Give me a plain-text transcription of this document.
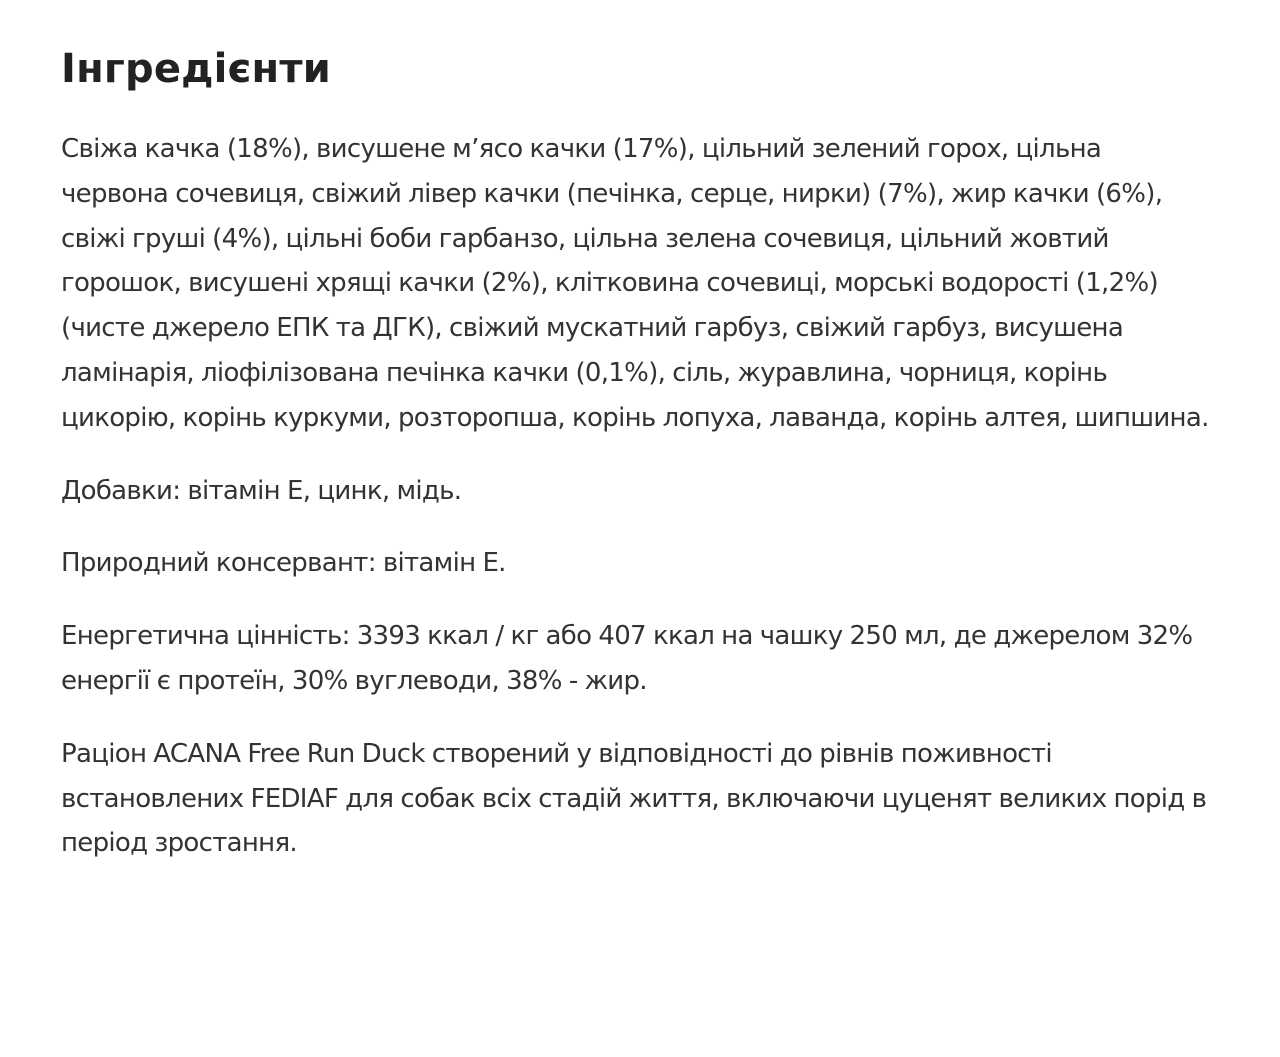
Інгредієнти

Свіжа качка (18%), висушене м’ясо качки (17%), цільний зелений горох, цільна червона сочевиця, свіжий лівер качки (печінка, серце, нирки) (7%), жир качки (6%), свіжі груші (4%), цільні боби гарбанзо, цільна зелена сочевиця, цільний жовтий горошок, висушені хрящі качки (2%), клітковина сочевиці, морські водорості (1,2%) (чисте джерело ЕПК та ДГК), свіжий мускатний гарбуз, свіжий гарбуз, висушена ламінарія, ліофілізована печінка качки (0,1%), сіль, журавлина, чорниця, корінь цикорію, корінь куркуми, розторопша, корінь лопуха, лаванда, корінь алтея, шипшина.

Добавки: вітамін Е, цинк, мідь.

Природний консервант: вітамін Е.

Енергетична цінність: 3393 ккал / кг або 407 ккал на чашку 250 мл, де джерелом 32% енергії є протеїн, 30% вуглеводи, 38% - жир.

Раціон ACANA Free Run Duck створений у відповідності до рівнів поживності встановлених FEDIAF для собак всіх стадій життя, включаючи цуценят великих порід в період зростання.
